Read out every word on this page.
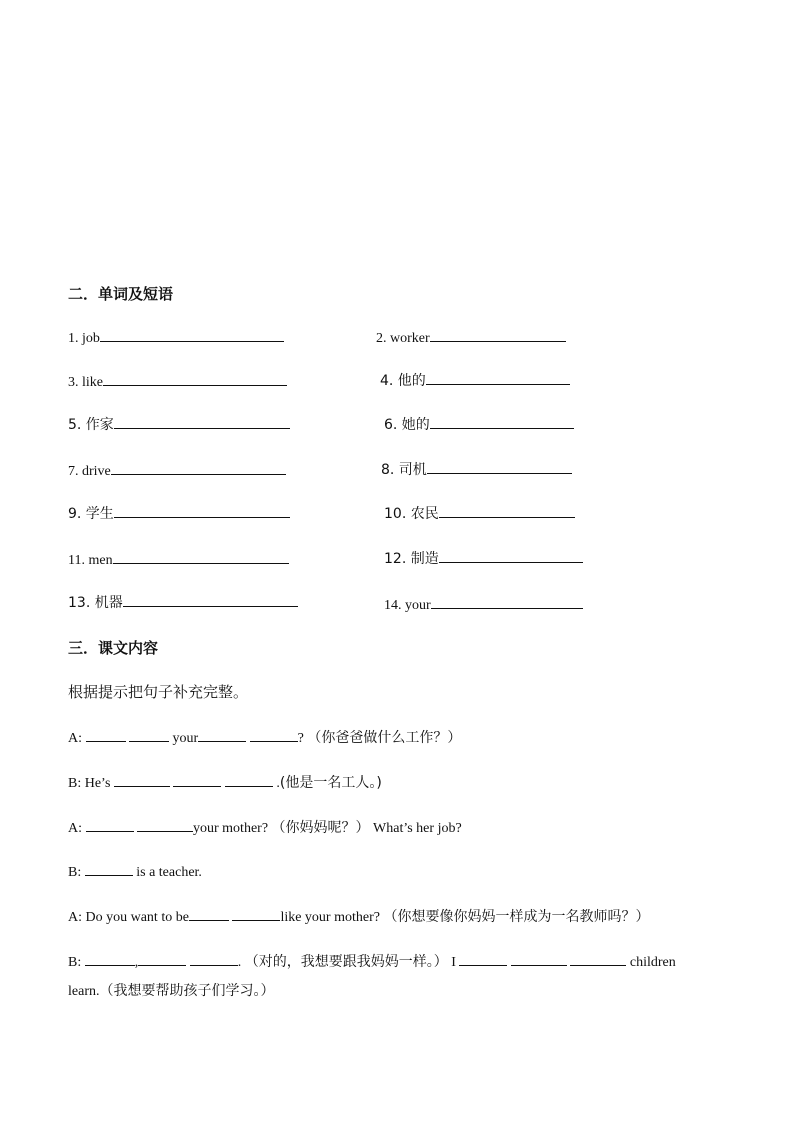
二．单词及短语
1. job	2. worker
3. like	4. 他的
5. 作家	6. 她的
7. drive	8. 司机
9. 学生	10. 农民
11. men	12. 制造
13. 机器	14. your
三．课文内容
根据提示把句子补充完整。
A:	your	? （你爸爸做什么工作？）
B: He’s	.(他是一名工人。)
A:	your mother? （你妈妈呢？） What’s her job?
B:	is a teacher.
A: Do you want to be	like your mother? （你想要像你妈妈一样成为一名教师吗？）
B:	,	. （对的，我想要跟我妈妈一样。） I	children
learn.（我想要帮助孩子们学习。）
